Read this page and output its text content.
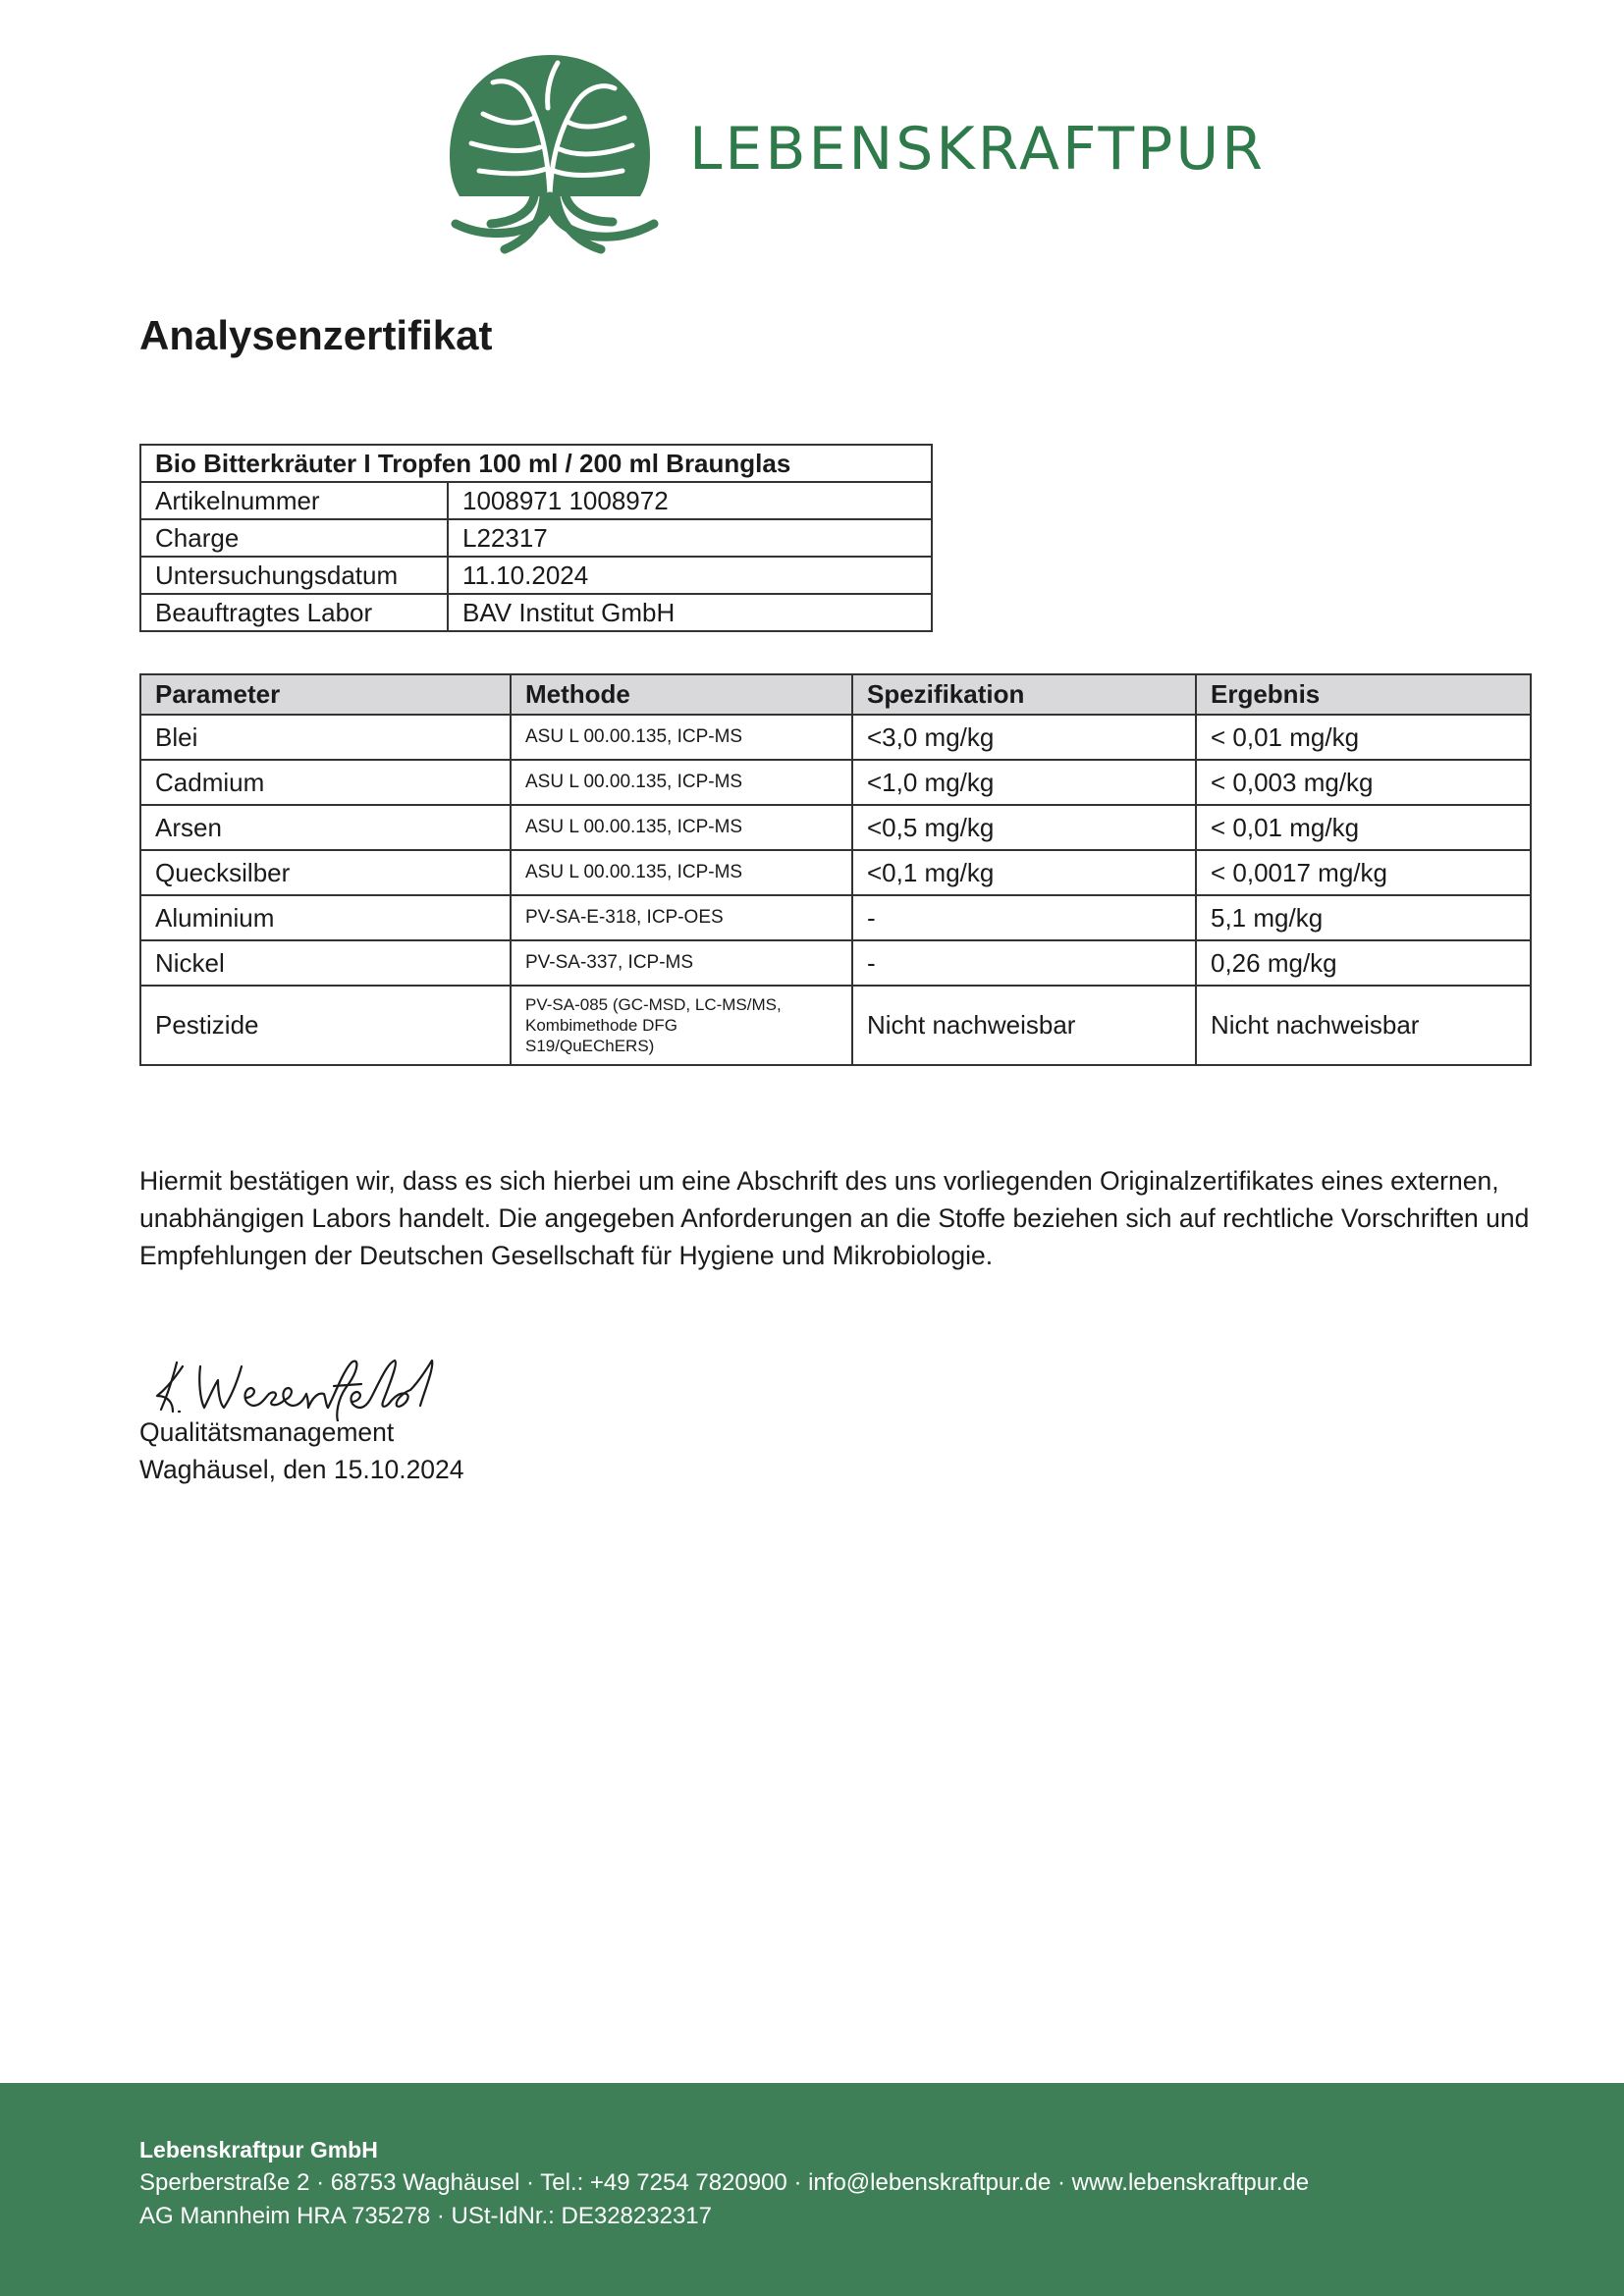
LEBENSKRAFTPUR
Analysenzertifikat
Bio Bitterkräuter I Tropfen 100 ml / 200 ml Braunglas	
Artikelnummer	1008971 1008972
Charge	L22317
Untersuchungsdatum	11.10.2024
Beauftragtes Labor	BAV Institut GmbH
Parameter	Methode	Spezifikation	Ergebnis
Blei	ASU L 00.00.135, ICP-MS	<3,0 mg/kg	< 0,01 mg/kg
Cadmium	ASU L 00.00.135, ICP-MS	<1,0 mg/kg	< 0,003 mg/kg
Arsen	ASU L 00.00.135, ICP-MS	<0,5 mg/kg	< 0,01 mg/kg
Quecksilber	ASU L 00.00.135, ICP-MS	<0,1 mg/kg	< 0,0017 mg/kg
Aluminium	PV-SA-E-318, ICP-OES	-	5,1 mg/kg
Nickel	PV-SA-337, ICP-MS	-	0,26 mg/kg
Pestizide	PV-SA-085 (GC-MSD, LC-MS/MS,
Kombimethode DFG
S19/QuEChERS)	Nicht nachweisbar	Nicht nachweisbar

Hiermit bestätigen wir, dass es sich hierbei um eine Abschrift des uns vorliegenden Originalzertifikates eines externen, unabhängigen Labors handelt. Die angegeben Anforderungen an die Stoffe beziehen sich auf rechtliche Vorschriften und Empfehlungen der Deutschen Gesellschaft für Hygiene und Mikrobiologie.

Qualitätsmanagement
Waghäusel, den 15.10.2024
Lebenskraftpur GmbH
Sperberstraße 2 · 68753 Waghäusel · Tel.: +49 7254 7820900 · info@lebenskraftpur.de · www.lebenskraftpur.de
AG Mannheim HRA 735278 · USt-IdNr.: DE328232317
